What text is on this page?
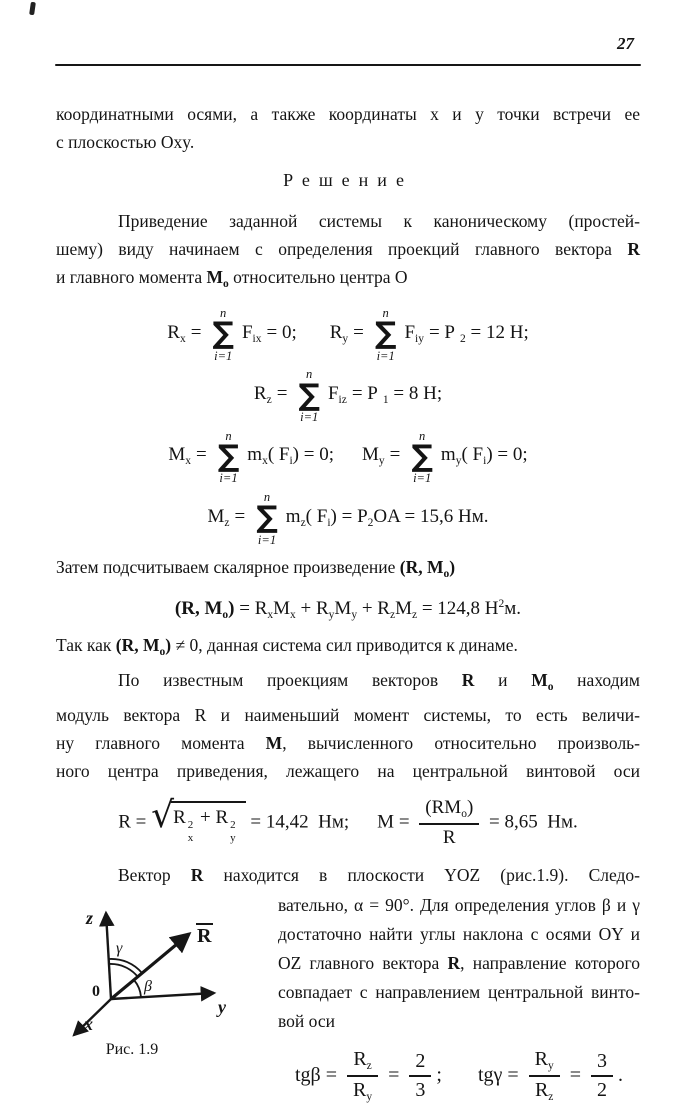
27

координатными осями, а также координаты x и y точки встречи ее

с плоскостью Oxy.

Решение

Приведение заданной системы к каноническому (простей-

шему) виду начинаем с определения проекций главного вектора R

и главного момента $M_о$ относительно центра О

$R_x$ =
n
∑
i=1
$F_{ix} = 0$; $R_y$ =
n
∑
i=1
$F_{iy} = P$ $_2$ = 12 Н;
$R_z$ =
n
∑
i=1
$F_{iz} = P$ $_1$ = 8 Н;
$M_x$ =
n
∑
i=1
$m_x$( $F_i) = 0$; $M_y$ =
n
∑
i=1
$m_y$( $F_i) = 0$;
$M_z$ =
n
∑
i=1
$m_z$( $F_i) = P_2OA = 15,6$ Нм.

Затем подсчитываем скалярное произведение (R, $M_о$)

(R, $M_о) = R_xM_x + R_yM_y + R_zM_z = 124,8$ $Н^2м$.

Так как (R, $M_о) \ne 0$, данная система сил приводится к динаме.

По известным проекциям векторов R и $M_о$ находим

модуль вектора R и наименьший момент системы, то есть величи-

ну главного момента M, вычисленного относительно произволь-

ного центра приведения, лежащего на центральной винтовой оси

R = √ R 2
x
+ R 2
y
= 14,42  Нм; $M = \frac{(RM_о)}{R} = 8,65$  Нм.

Вектор R находится в плоскости YOZ (рис.1.9). Следо-

z
y
x
0
R
γ
β
Рис. 1.9

вательно, α = 90°. Для определения углов β и γ

достаточно найти углы наклона с осями OY и

OZ главного вектора R, направление которого

совпадает с направлением центральной винто-

вой оси

$tg\beta = \frac{R_z}{R_y} = \frac{2}{3}$ ; $tg\gamma = \frac{R_y}{R_z} = \frac{3}{2}$ .
